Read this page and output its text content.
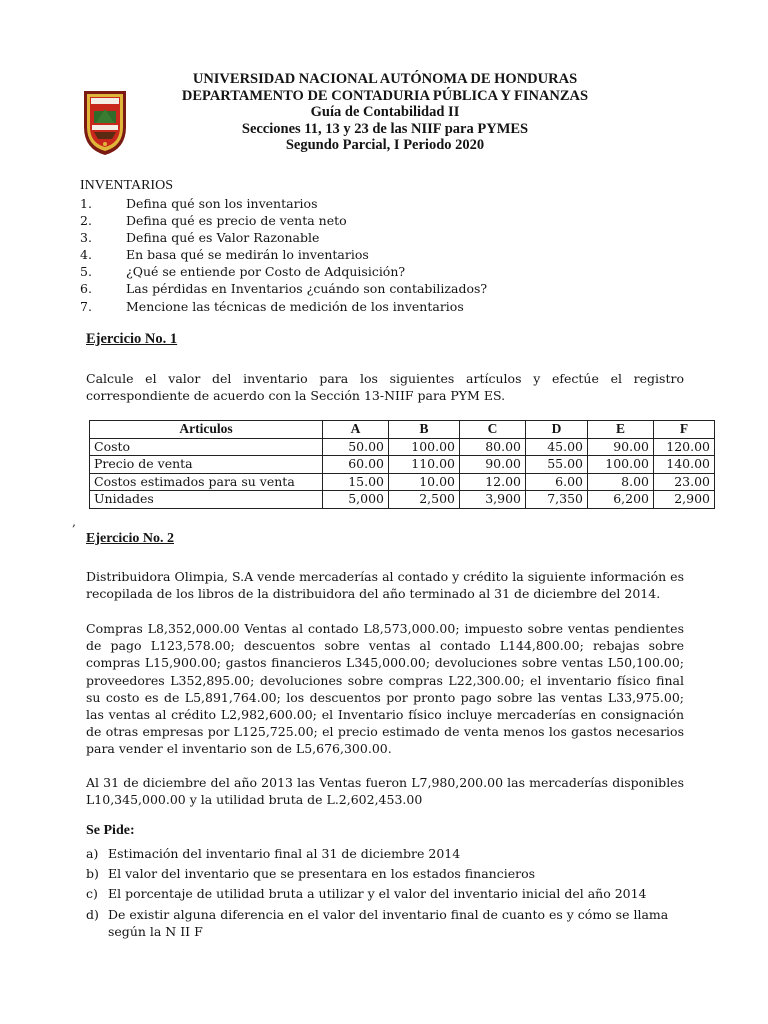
UNIVERSIDAD NACIONAL AUTÓNOMA DE HONDURAS
DEPARTAMENTO DE CONTADURIA PÚBLICA Y FINANZAS
Guía de Contabilidad II
Secciones 11, 13 y 23 de las NIIF para PYMES
Segundo Parcial, I Periodo 2020
INVENTARIOS
1.	Defina qué son los inventarios
2.	Defina qué es precio de venta neto
3.	Defina qué es Valor Razonable
4.	En basa qué se medirán lo inventarios
5.	¿Qué se entiende por Costo de Adquisición?
6.	Las pérdidas en Inventarios ¿cuándo son contabilizados?
7.	Mencione las técnicas de medición de los inventarios
Ejercicio No. 1
Calcule el valor del inventario para los siguientes artículos y efectúe el registro correspondiente de acuerdo con la Sección 13-NIIF para PYM ES.
Articulos	A	B	C	D	E	F
Costo	50.00	100.00	80.00	45.00	90.00	120.00
Precio de venta	60.00	110.00	90.00	55.00	100.00	140.00
Costos estimados para su venta	15.00	10.00	12.00	6.00	8.00	23.00
Unidades	5,000	2,500	3,900	7,350	6,200	2,900
‚
Ejercicio No. 2
Distribuidora Olimpia, S.A vende mercaderías al contado y crédito la siguiente información es recopilada de los libros de la distribuidora del año terminado al 31 de diciembre del 2014.
Compras L8,352,000.00 Ventas al contado L8,573,000.00; impuesto sobre ventas pendientes de pago L123,578.00; descuentos sobre ventas al contado L144,800.00; rebajas sobre compras L15,900.00; gastos financieros L345,000.00; devoluciones sobre ventas L50,100.00; proveedores L352,895.00; devoluciones sobre compras L22,300.00; el inventario físico final su costo es de L5,891,764.00; los descuentos por pronto pago sobre las ventas L33,975.00; las ventas al crédito L2,982,600.00; el Inventario físico incluye mercaderías en consignación de otras empresas por L125,725.00; el precio estimado de venta menos los gastos necesarios para vender el inventario son de L5,676,300.00.
Al 31 de diciembre del año 2013 las Ventas fueron L7,980,200.00 las mercaderías disponibles L10,345,000.00 y la utilidad bruta de L.2,602,453.00
Se Pide:
a) Estimación del inventario final al 31 de diciembre 2014
b) El valor del inventario que se presentara en los estados financieros
c) El porcentaje de utilidad bruta a utilizar y el valor del inventario inicial del año 2014
d) De existir alguna diferencia en el valor del inventario final de cuanto es y cómo se llama según la N II F
